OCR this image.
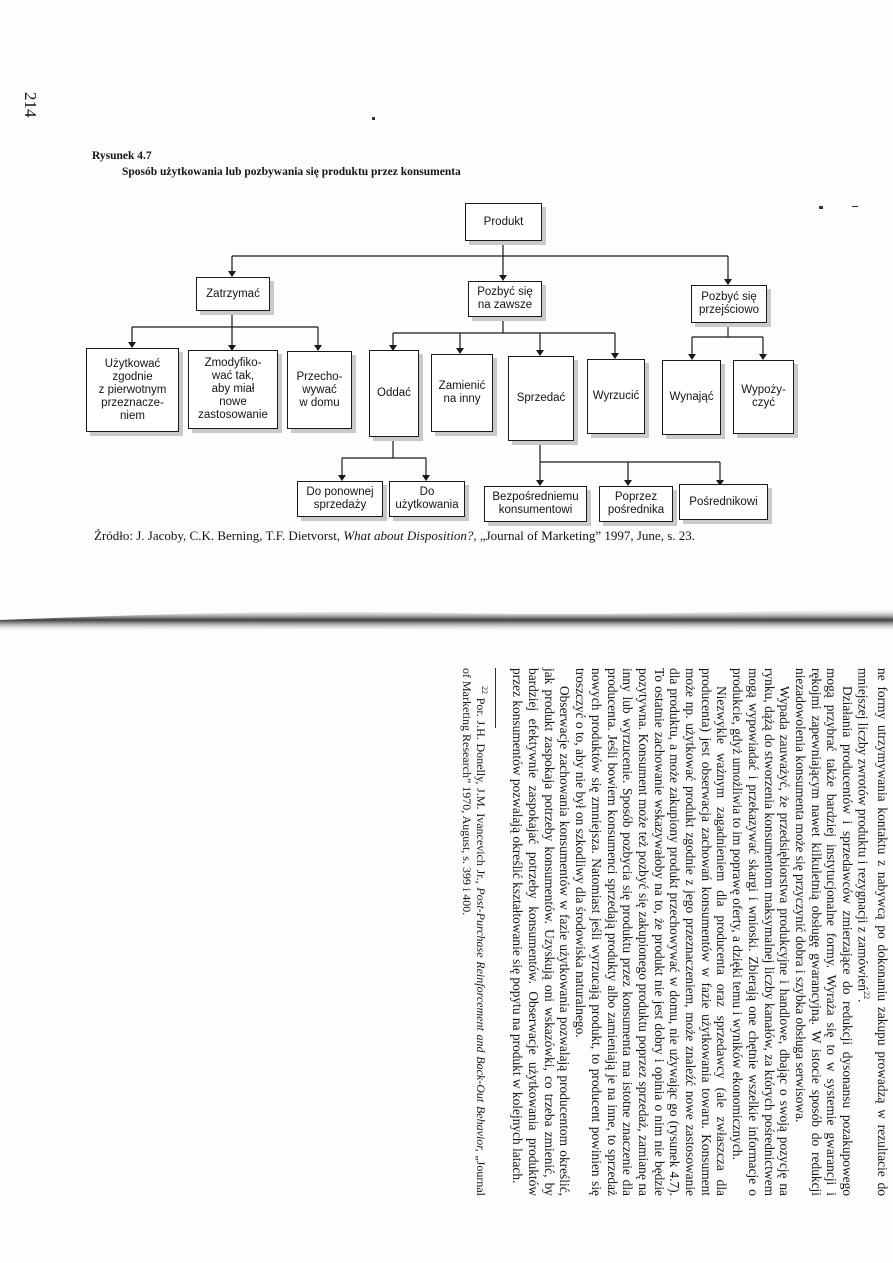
214
Rysunek 4.7
Sposób użytkowania lub pozbywania się produktu przez konsumenta
Produkt
Zatrzymać	Pozbyć się
na zawsze
Pozbyć się
przejściowo
Użytkować
zgodnie
z pierwotnym
przeznacze-
niem
Zmodyfiko-
wać tak,
aby miał
nowe
zastosowanie
Przecho-
wywać
w domu
Oddać
Zamienić
na inny	Sprzedać	Wyrzucić	Wynająć
Wypoży-
czyć
Do ponownej
sprzedaży
Do
użytkowania
Bezpośredniemu
konsumentowi
Poprzez
pośrednika
Pośrednikowi
Źródło: J. Jacoby, C.K. Berning, T.F. Dietvorst, What about Disposition?, „Journal of Marketing” 1997, June, s. 23.

ne formy utrzymywania kontaktu z nabywcą po dokonaniu zakupu prowadzą w rezultacie do mniejszej liczby zwrotów produktu i rezygnacji z zamówień$^{22}$.

Działania producentów i sprzedawców zmierzające do redukcji dysonansu pozakupowego mogą przybrać także bardziej instytucjonalne formy. Wyraża się to w systemie gwarancji i rękojmi zapewniającym nawet kilkuletnią obsługę gwarancyjną. W istocie sposób do redukcji niezadowolenia konsumenta może się przyczynić dobra i szybka obsługa serwisowa.

Wypada zauważyć, że przedsiębiorstwa produkcyjne i handlowe, dbając o swoją pozycję na rynku, dążą do stworzenia konsumentom maksymalnej liczby kanałów, za których pośrednictwem mogą wypowiadać i przekazywać skargi i wnioski. Zbierają one chętnie wszelkie informacje o produkcie, gdyż umożliwia to im poprawę oferty, a dzięki temu i wyników ekonomicznych.

Niezwykle ważnym zagadnieniem dla producenta oraz sprzedawcy (ale zwłaszcza dla producenta) jest obserwacja zachowań konsumentów w fazie użytkowania towaru. Konsument może np. użytkować produkt zgodnie z jego przeznaczeniem, może znaleźć nowe zastosowanie dla produktu, a może zakupiony produkt przechowywać w domu, nie używając go (rysunek 4.7). To ostatnie zachowanie wskazywałoby na to, że produkt nie jest dobry i opinia o nim nie będzie pozytywna. Konsument może też pozbyć się zakupionego produktu poprzez sprzedaż, zamianę na inny lub wyrzucenie. Sposób pozbycia się produktu przez konsumenta ma istotne znaczenie dla producenta. Jeśli bowiem konsumenci sprzedają produkty albo zamieniają je na inne, to sprzedaż nowych produktów się zmniejsza. Natomiast jeśli wyrzucają produkt, to producent powinien się troszczyć o to, aby nie był on szkodliwy dla środowiska naturalnego.

Obserwacje zachowania konsumentów w fazie użytkowania pozwalają producentom określić, jak produkt zaspokaja potrzeby konsumentów. Uzyskują oni wskazówki, co trzeba zmienić, by bardziej efektywnie zaspokajać potrzeby konsumentów. Obserwacje użytkowania produktów przez konsumentów pozwalają określić kształtowanie się popytu na produkt w kolejnych latach.

$^{22}$ Por. J.H. Donelly, J.M. Ivancevich Jr., Post-Purchase Reinforcement and Back-Out Behavior, „Journal of Marketing Research” 1970, August, s. 399 i 400.
